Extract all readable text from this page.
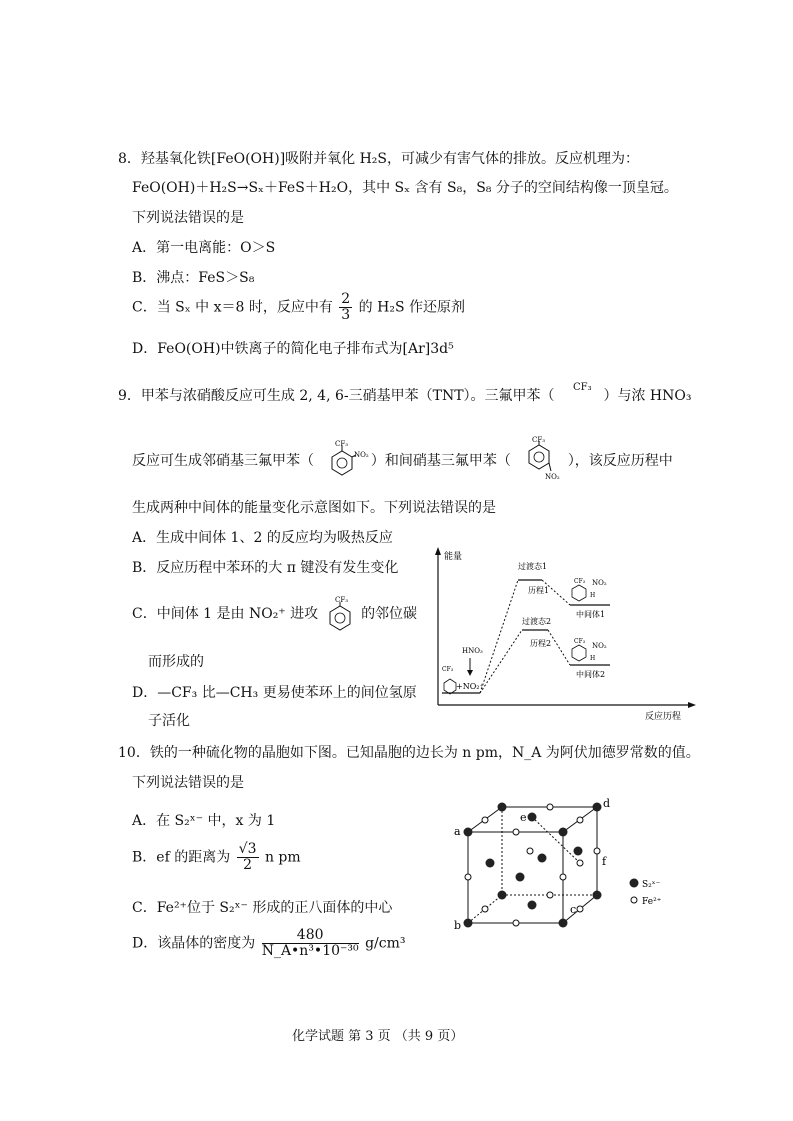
8．羟基氧化铁[FeO(OH)]吸附并氧化 H₂S，可减少有害气体的排放。反应机理为：
FeO(OH)＋H₂S→Sₓ＋FeS＋H₂O，其中 Sₓ 含有 S₈，S₈ 分子的空间结构像一顶皇冠。
下列说法错误的是
A．第一电离能：O＞S
B．沸点：FeS＞S₈
C．当 Sₓ 中 x＝8 时，反应中有 $\frac{2}{3}$ 的 H₂S 作还原剂
D．FeO(OH)中铁离子的简化电子排布式为[Ar]3d⁵
9．甲苯与浓硝酸反应可生成 2, 4, 6-三硝基甲苯（TNT）。三氟甲苯（
CF₃
）与浓 HNO₃
反应可生成邻硝基三氟甲苯（
CF₃
NO₂ ）和间硝基三氟甲苯（
CF₃
NO₂
），该反应历程中
生成两种中间体的能量变化示意图如下。下列说法错误的是
A．生成中间体 1、2 的反应均为吸热反应
B．反应历程中苯环的大 π 键没有发生变化
C．中间体 1 是由 NO₂⁺ 进攻
CF₃
的邻位碳
而形成的
D．—CF₃ 比—CH₃ 更易使苯环上的间位氢原
子活化
能量
反应历程
HNO₃
CF₃
+NO₂⁺
过渡态1
历程1
中间体1
CF₃ NO₂
H
过渡态2
历程2
中间体2
CF₃
NO₂
H
10．铁的一种硫化物的晶胞如下图。已知晶胞的边长为 n pm，N_A 为阿伏加德罗常数的值。
下列说法错误的是
A．在 S₂ˣ⁻ 中，x 为 1
B．ef 的距离为 $\frac{√3}{2}$ n pm
C．Fe²⁺位于 S₂ˣ⁻ 形成的正八面体的中心
D．该晶体的密度为 $\frac{480}{\text{N\_A•n³•10⁻³⁰}} g/cm^3$
a
b
c
d
e
f
S₂ˣ⁻
Fe²⁺
化学试题 第 3 页 （共 9 页）
